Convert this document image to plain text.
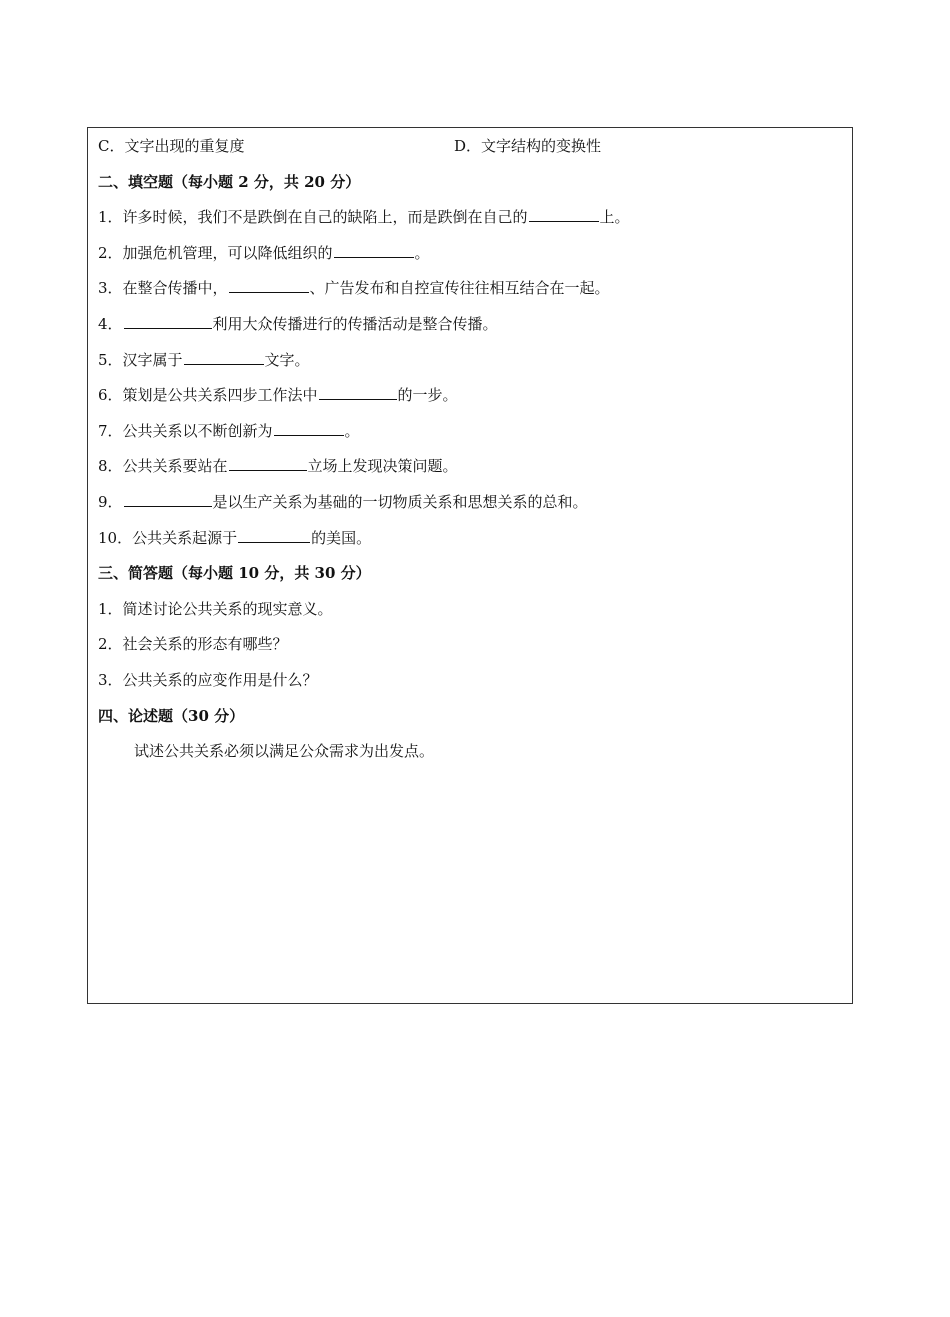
C．文字出现的重复度	D．文字结构的变换性
二、填空题（每小题 2 分，共 20 分）
1．许多时候，我们不是跌倒在自己的缺陷上，而是跌倒在自己的	上。
2．加强危机管理，可以降低组织的	。
3．在整合传播中，	、广告发布和自控宣传往往相互结合在一起。
4．	利用大众传播进行的传播活动是整合传播。
5．汉字属于	文字。
6．策划是公共关系四步工作法中	的一步。
7．公共关系以不断创新为	。
8．公共关系要站在	立场上发现决策问题。
9．	是以生产关系为基础的一切物质关系和思想关系的总和。
10．公共关系起源于	的美国。
三、简答题（每小题 10 分，共 30 分）
1．简述讨论公共关系的现实意义。
2．社会关系的形态有哪些？
3．公共关系的应变作用是什么？
四、论述题（30 分）
试述公共关系必须以满足公众需求为出发点。
